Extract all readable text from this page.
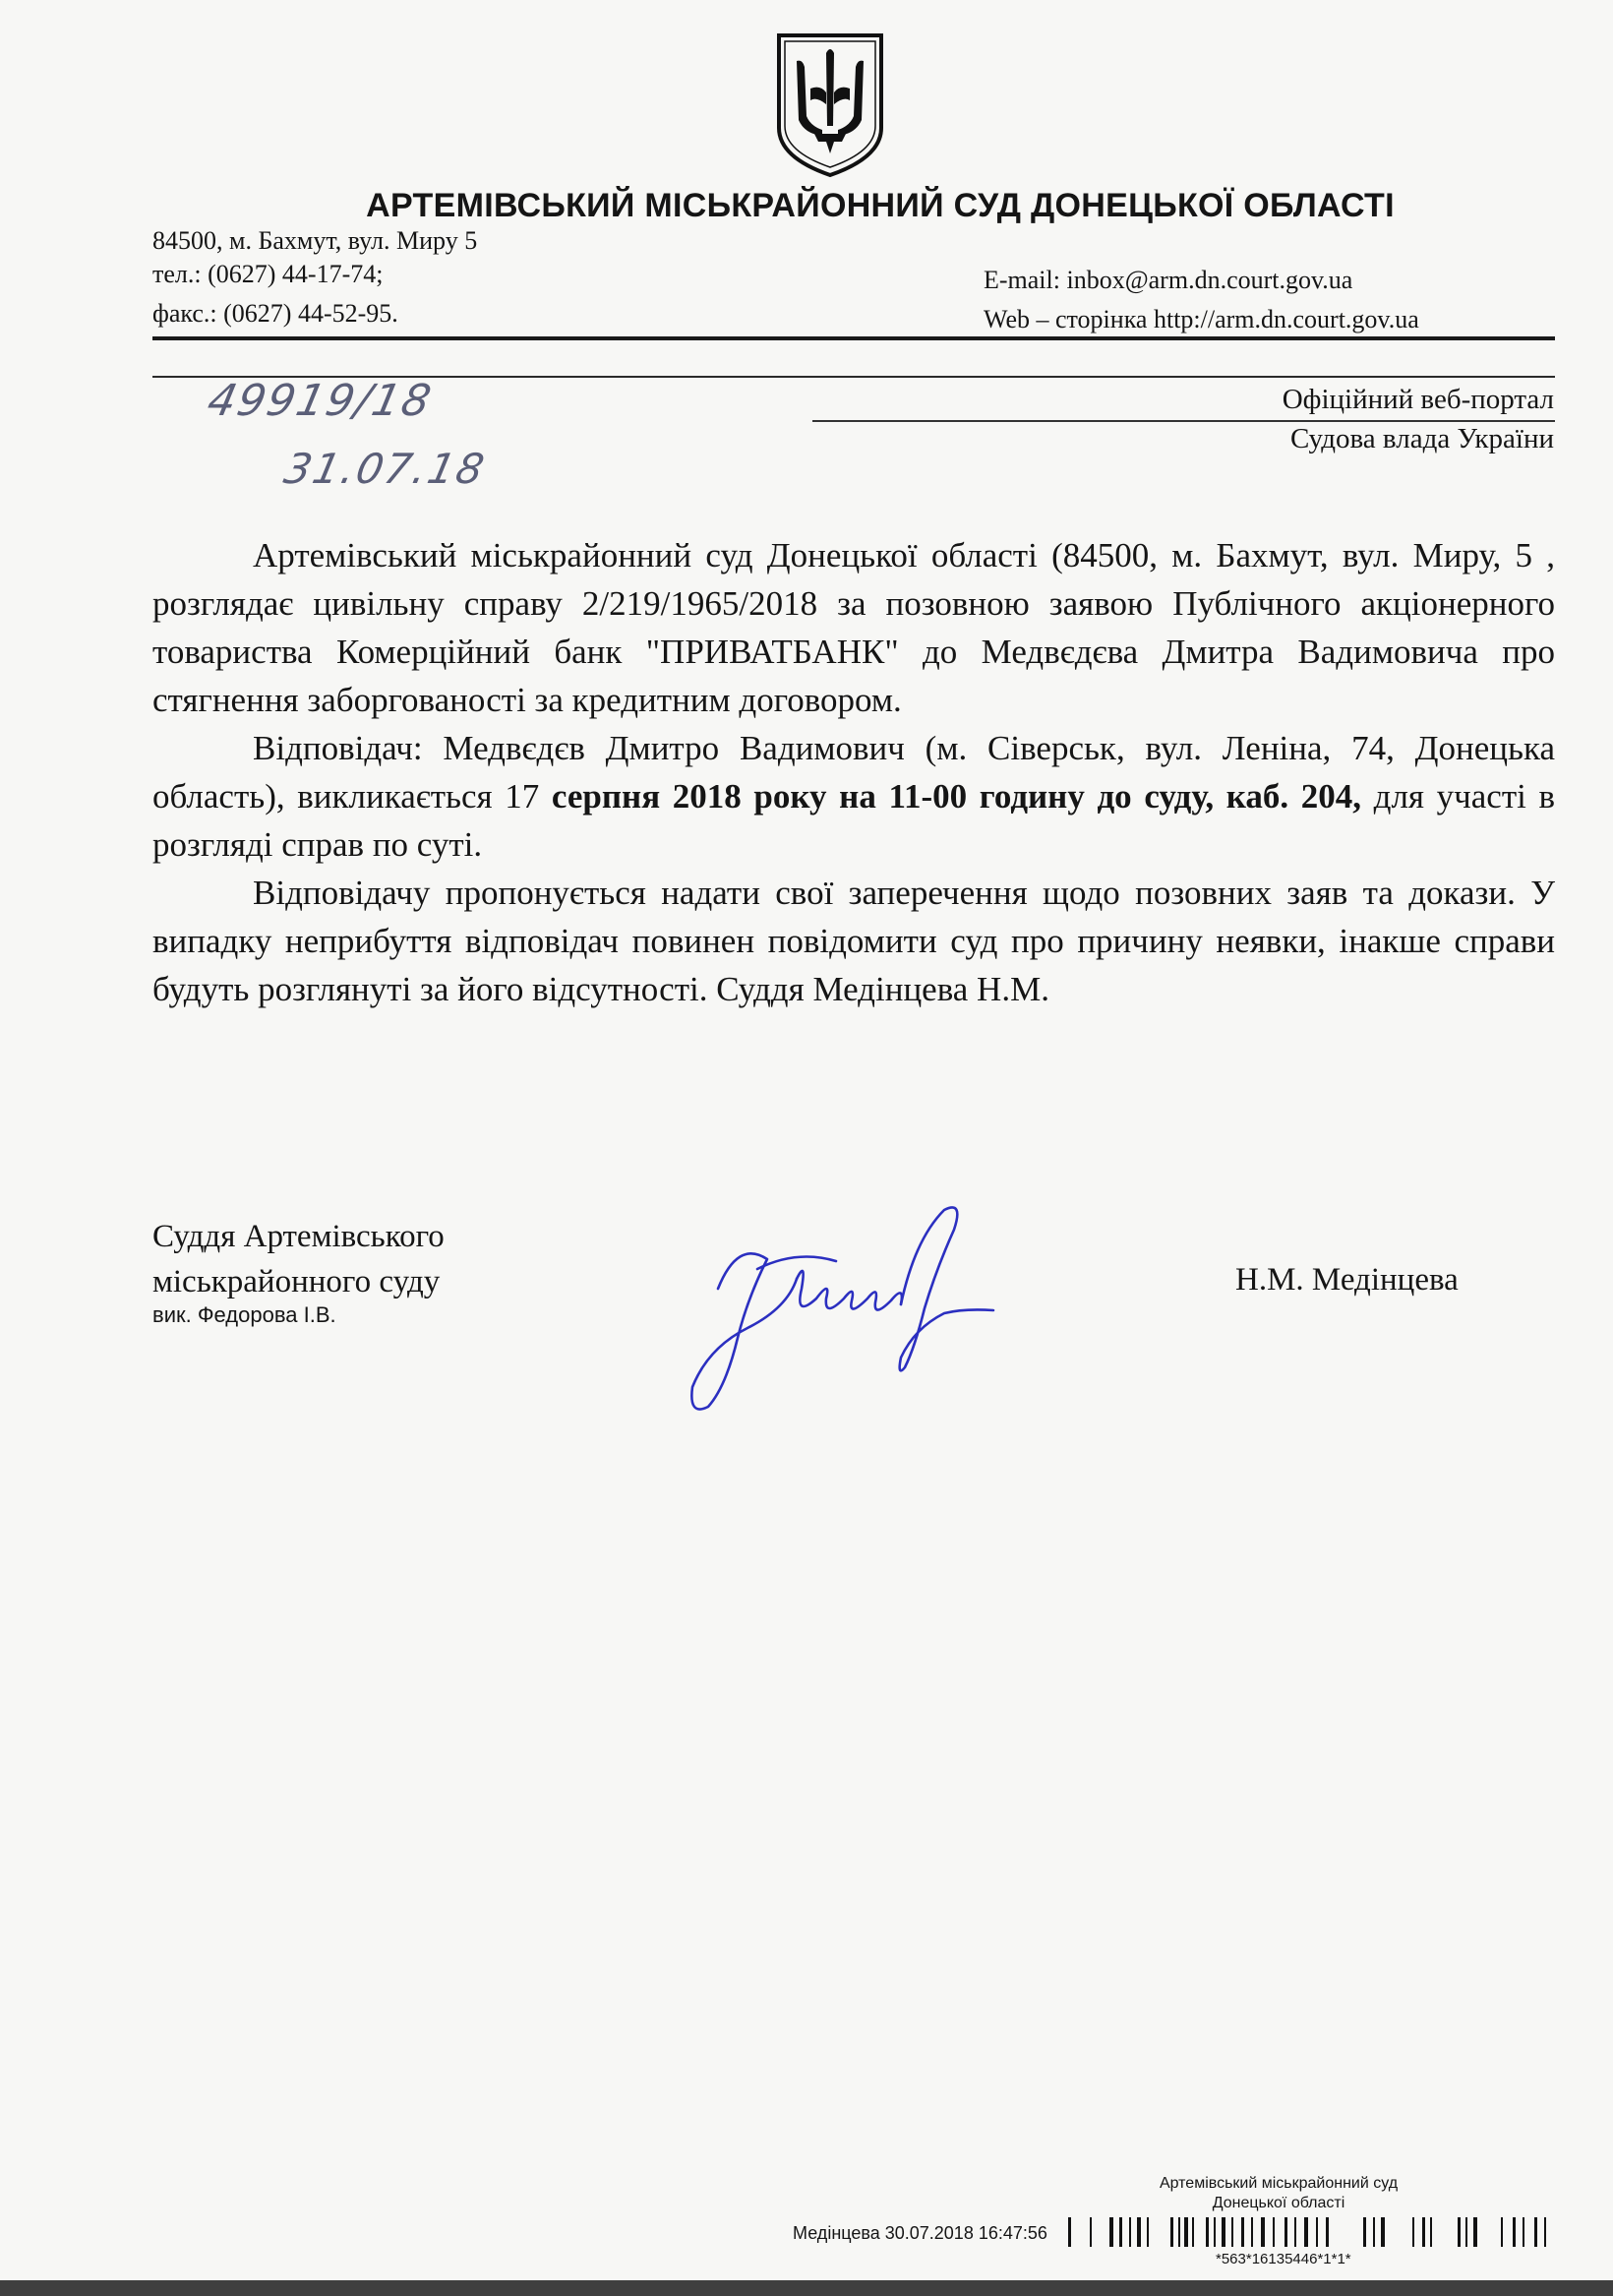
АРТЕМІВСЬКИЙ МІСЬКРАЙОННИЙ СУД ДОНЕЦЬКОЇ ОБЛАСТІ
84500, м. Бахмут, вул. Миру 5
тел.: (0627) 44-17-74;
факс.: (0627) 44-52-95.
E-mail: inbox@arm.dn.court.gov.ua
Web – сторінка http://arm.dn.court.gov.ua
49919/18
31.07.18
Офіційний веб-портал
Судова влада України

Артемівський міськрайонний суд Донецької області (84500, м. Бахмут, вул. Миру, 5 , розглядає цивільну справу 2/219/1965/2018 за позовною заявою Публічного акціонерного товариства Комерційний банк "ПРИВАТБАНК" до Медвєдєва Дмитра Вадимовича про стягнення заборгованості за кредитним договором.

Відповідач: Медвєдєв Дмитро Вадимович (м. Сіверськ, вул. Леніна, 74, Донецька область), викликається 17 серпня 2018 року на 11-00 годину до суду, каб. 204, для участі в розгляді справ по суті.

Відповідачу пропонується надати свої заперечення щодо позовних заяв та докази. У випадку неприбуття відповідач повинен повідомити суд про причину неявки, інакше справи будуть розглянуті за його відсутності. Суддя Медінцева Н.М.

Суддя Артемівського
міськрайонного суду
вик. Федорова І.В.
Н.М. Медінцева
Артемівський міськрайонний суд
Донецької області
Медінцева 30.07.2018 16:47:56
*563*16135446*1*1*
